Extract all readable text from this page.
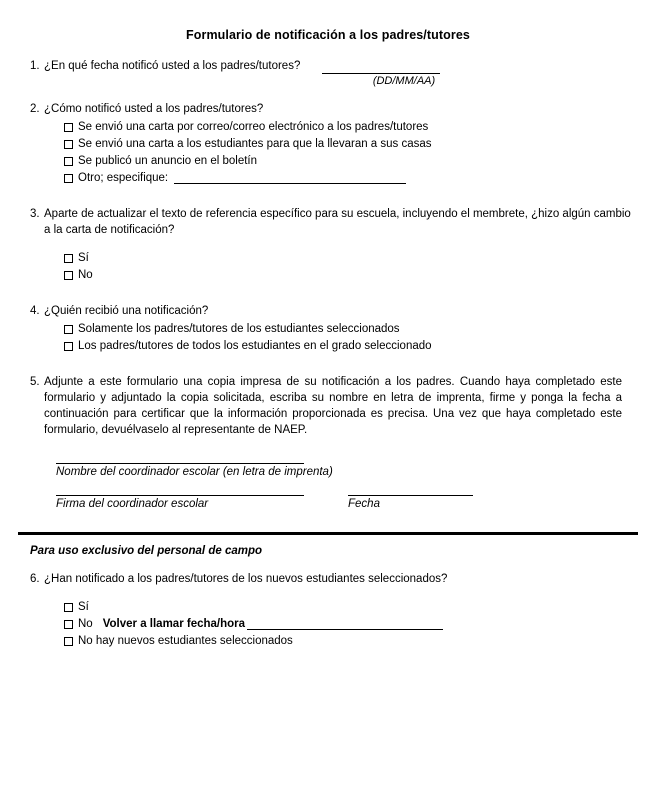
Formulario de notificación a los padres/tutores
1. ¿En qué fecha notificó usted a los padres/tutores?
(DD/MM/AA)
2. ¿Cómo notificó usted a los padres/tutores?
Se envió una carta por correo/correo electrónico a los padres/tutores
Se envió una carta a los estudiantes para que la llevaran a sus casas
Se publicó un anuncio en el boletín
Otro; especifique:
3. Aparte de actualizar el texto de referencia específico para su escuela, incluyendo el membrete, ¿hizo algún cambio a la carta de notificación?
Sí
No
4. ¿Quién recibió una notificación?
Solamente los padres/tutores de los estudiantes seleccionados
Los padres/tutores de todos los estudiantes en el grado seleccionado
5. Adjunte a este formulario una copia impresa de su notificación a los padres. Cuando haya completado este formulario y adjuntado la copia solicitada, escriba su nombre en letra de imprenta, firme y ponga la fecha a continuación para certificar que la información proporcionada es precisa. Una vez que haya completado este formulario, devuélvaselo al representante de NAEP.
Nombre del coordinador escolar (en letra de imprenta)
Firma del coordinador escolar	Fecha
Para uso exclusivo del personal de campo
6. ¿Han notificado a los padres/tutores de los nuevos estudiantes seleccionados?
Sí
No Volver a llamar fecha/hora
No hay nuevos estudiantes seleccionados
